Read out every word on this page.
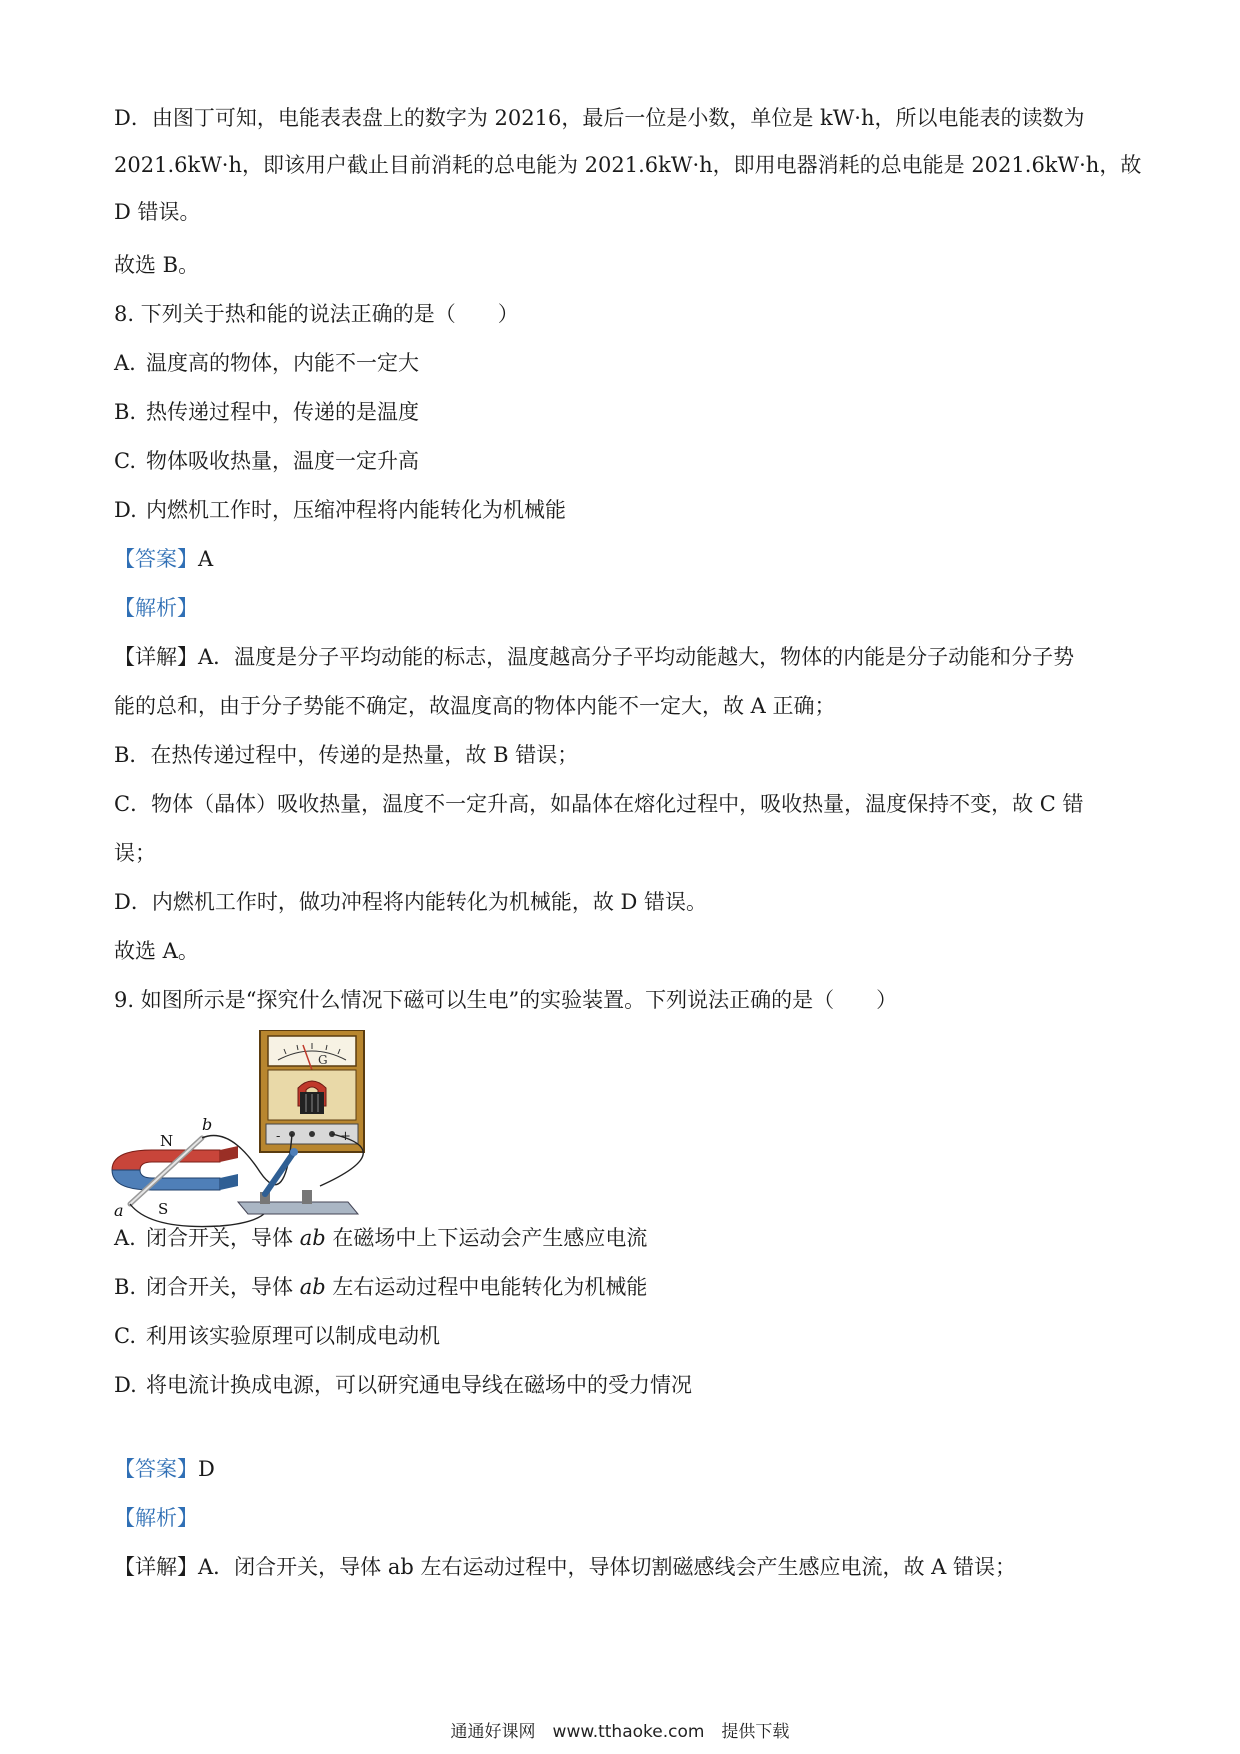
D．由图丁可知，电能表表盘上的数字为 20216，最后一位是小数，单位是 kW·h，所以电能表的读数为

2021.6kW·h，即该用户截止目前消耗的总电能为 2021.6kW·h，即用电器消耗的总电能是 2021.6kW·h，故

D 错误。

故选 B。

8. 下列关于热和能的说法正确的是（　　）

A. 温度高的物体，内能不一定大

B. 热传递过程中，传递的是温度

C. 物体吸收热量，温度一定升高

D. 内燃机工作时，压缩冲程将内能转化为机械能

【答案】A

【解析】

【详解】A．温度是分子平均动能的标志，温度越高分子平均动能越大，物体的内能是分子动能和分子势

能的总和，由于分子势能不确定，故温度高的物体内能不一定大，故 A 正确；

B．在热传递过程中，传递的是热量，故 B 错误；

C．物体（晶体）吸收热量，温度不一定升高，如晶体在熔化过程中，吸收热量，温度保持不变，故 C 错

误；

D．内燃机工作时，做功冲程将内能转化为机械能，故 D 错误。

故选 A。

9. 如图所示是“探究什么情况下磁可以生电”的实验装置。下列说法正确的是（　　）

G
-	+
N
S
a
b

A. 闭合开关，导体 ab 在磁场中上下运动会产生感应电流

B. 闭合开关，导体 ab 左右运动过程中电能转化为机械能

C. 利用该实验原理可以制成电动机

D. 将电流计换成电源，可以研究通电导线在磁场中的受力情况

【答案】D

【解析】

【详解】A．闭合开关，导体 ab 左右运动过程中，导体切割磁感线会产生感应电流，故 A 错误；

通通好课网　www.tthaoke.com　提供下载
